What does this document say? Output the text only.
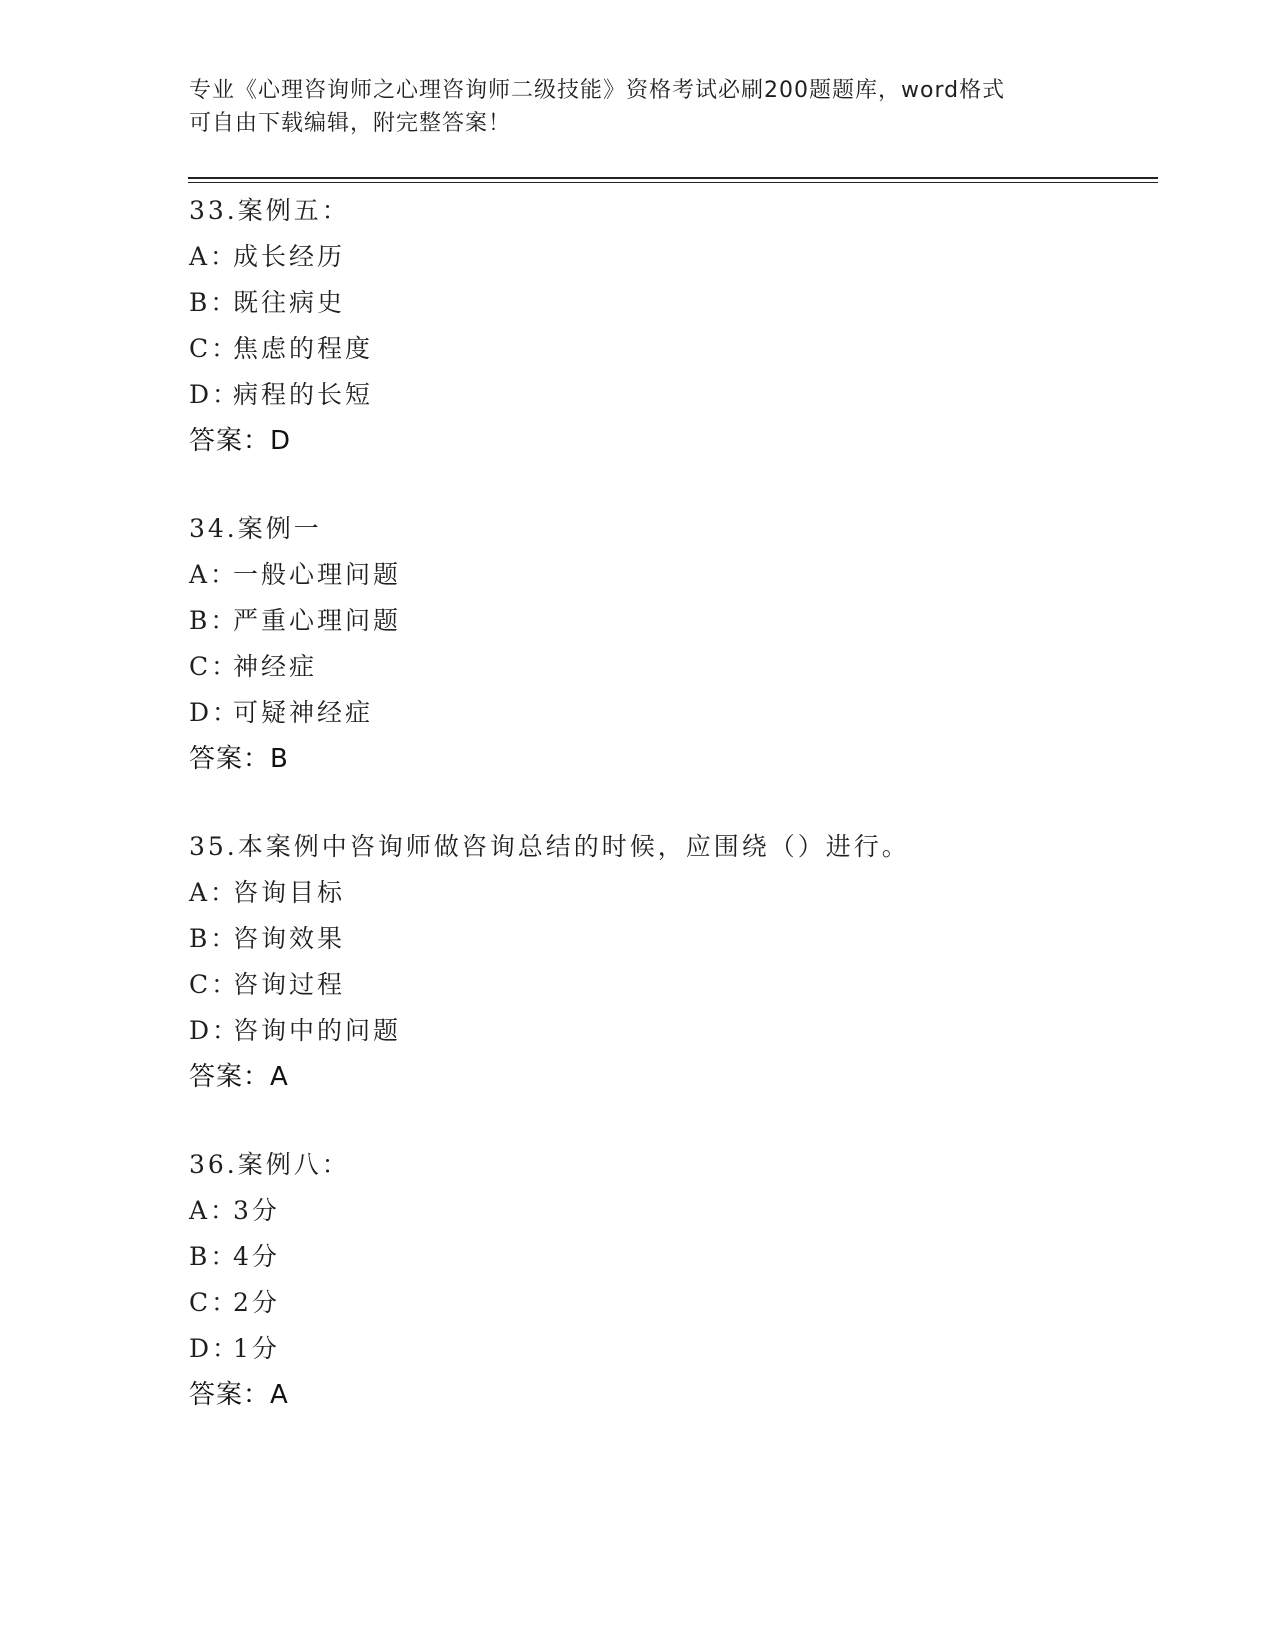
专业《心理咨询师之心理咨询师二级技能》资格考试必刷200题题库，word格式
可自由下载编辑，附完整答案！
33.案例五：
A：成长经历
B：既往病史
C：焦虑的程度
D：病程的长短
答案：D
34.案例一
A：一般心理问题
B：严重心理问题
C：神经症
D：可疑神经症
答案：B
35.本案例中咨询师做咨询总结的时候，应围绕（）进行。
A：咨询目标
B：咨询效果
C：咨询过程
D：咨询中的问题
答案：A
36.案例八：
A：3分
B：4分
C：2分
D：1分
答案：A
